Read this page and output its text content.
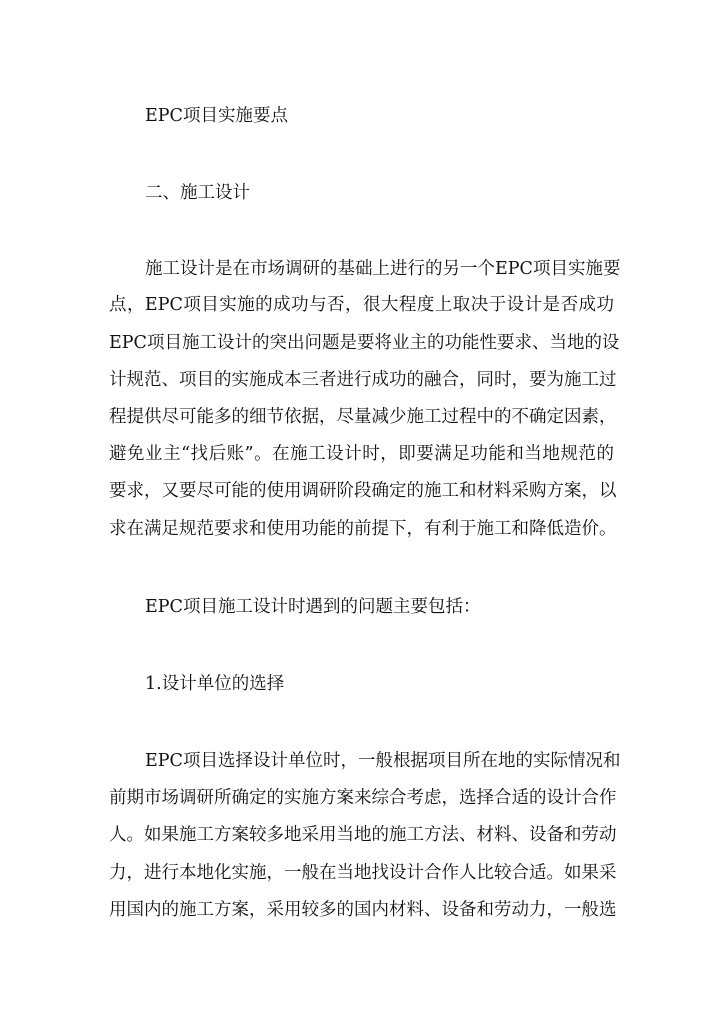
EPC项目实施要点
二、施工设计
施工设计是在市场调研的基础上进行的另一个EPC项目实施要
点，EPC项目实施的成功与否，很大程度上取决于设计是否成功
EPC项目施工设计的突出问题是要将业主的功能性要求、当地的设
计规范、项目的实施成本三者进行成功的融合，同时，要为施工过
程提供尽可能多的细节依据，尽量减少施工过程中的不确定因素，
避免业主“找后账”。在施工设计时，即要满足功能和当地规范的
要求，又要尽可能的使用调研阶段确定的施工和材料采购方案，以
求在满足规范要求和使用功能的前提下，有利于施工和降低造价。
EPC项目施工设计时遇到的问题主要包括：
1.设计单位的选择
EPC项目选择设计单位时，一般根据项目所在地的实际情况和
前期市场调研所确定的实施方案来综合考虑，选择合适的设计合作
人。如果施工方案较多地采用当地的施工方法、材料、设备和劳动
力，进行本地化实施，一般在当地找设计合作人比较合适。如果采
用国内的施工方案，采用较多的国内材料、设备和劳动力，一般选
